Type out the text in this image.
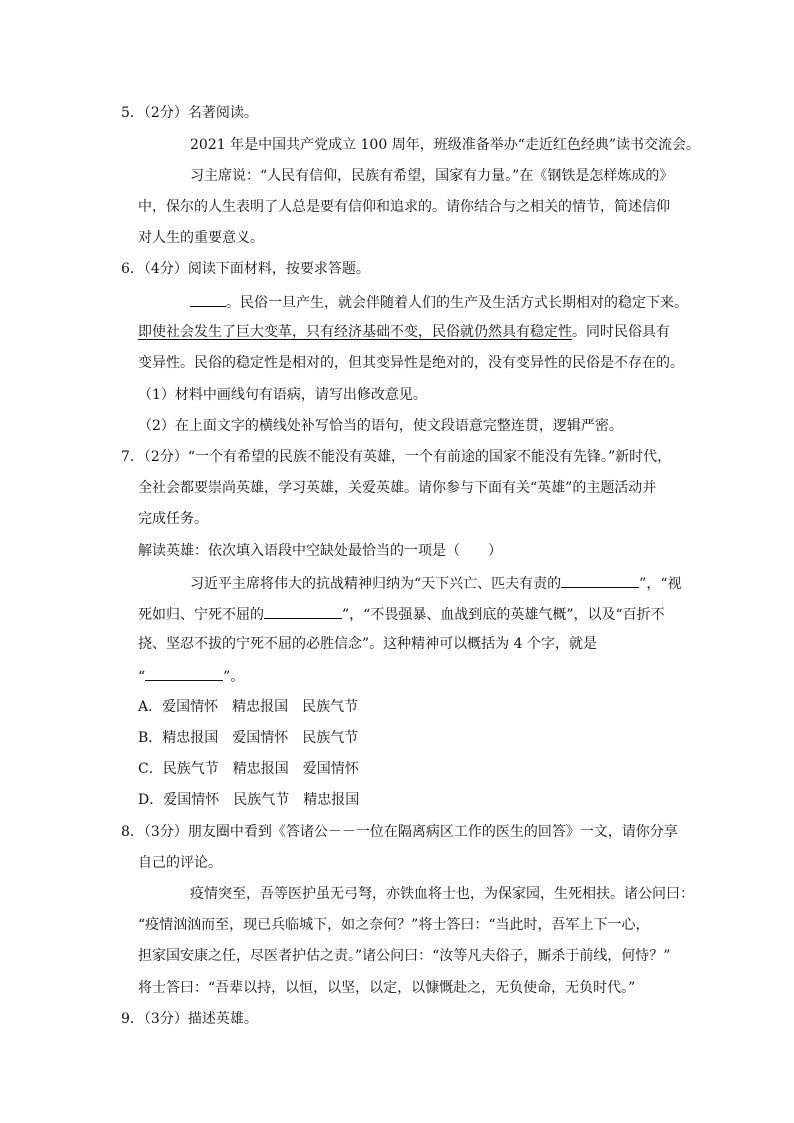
5．（2分）名著阅读。
2021 年是中国共产党成立 100 周年，班级准备举办“走近红色经典”读书交流会。
习主席说：“人民有信仰，民族有希望，国家有力量。”在《钢铁是怎样炼成的》
中，保尔的人生表明了人总是要有信仰和追求的。请你结合与之相关的情节，简述信仰
对人生的重要意义。
6．（4分）阅读下面材料，按要求答题。
。民俗一旦产生，就会伴随着人们的生产及生活方式长期相对的稳定下来。
即使社会发生了巨大变革，只有经济基础不变，民俗就仍然具有稳定性。同时民俗具有
变异性。民俗的稳定性是相对的，但其变异性是绝对的，没有变异性的民俗是不存在的。
（1）材料中画线句有语病，请写出修改意见。
（2）在上面文字的横线处补写恰当的语句，使文段语意完整连贯，逻辑严密。
7．（2分）“一个有希望的民族不能没有英雄，一个有前途的国家不能没有先锋。”新时代，
全社会都要崇尚英雄，学习英雄，关爱英雄。请你参与下面有关“英雄”的主题活动并
完成任务。
解读英雄：依次填入语段中空缺处最恰当的一项是（　　）
习近平主席将伟大的抗战精神归纳为“天下兴亡、匹夫有责的	”，“视
死如归、宁死不屈的	”，“不畏强暴、血战到底的英雄气概”，以及“百折不
挠、坚忍不拔的宁死不屈的必胜信念”。这种精神可以概括为 4 个字，就是
“	”。
A．爱国情怀　精忠报国　民族气节
B．精忠报国　爱国情怀　民族气节
C．民族气节　精忠报国　爱国情怀
D．爱国情怀　民族气节　精忠报国
8．（3分）朋友圈中看到《答诸公－－一位在隔离病区工作的医生的回答》一文，请你分享
自己的评论。
疫情突至，吾等医护虽无弓弩，亦铁血将士也，为保家园，生死相扶。诸公问曰：
“疫情汹汹而至，现已兵临城下，如之奈何？”将士答曰：“当此时，吾军上下一心，
担家国安康之任，尽医者护估之责。”诸公问曰：“汝等凡夫俗子，厮杀于前线，何恃？”
将士答曰：“吾辈以持，以恒，以坚，以定，以慷慨赴之，无负使命，无负时代。”
9．（3分）描述英雄。
